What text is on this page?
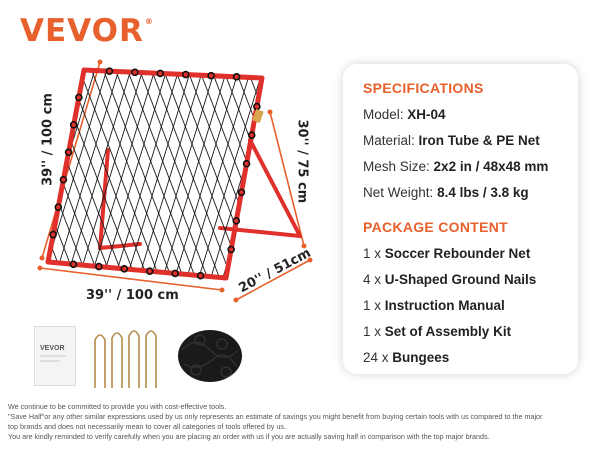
VEVOR®
39'' / 100 cm
39'' / 100 cm	20'' / 51cm
30'' / 75 cm
VEVOR
SPECIFICATIONS
Model: XH-04
Material: Iron Tube & PE Net
Mesh Size: 2x2 in / 48x48 mm
Net Weight: 8.4 lbs / 3.8 kg
PACKAGE CONTENT
1 x Soccer Rebounder Net
4 x U-Shaped Ground Nails
1 x Instruction Manual
1 x Set of Assembly Kit
24 x Bungees
We continue to be committed to provide you with cost-effective tools.
"Save Half"or any other similar expressions used by us only represents an estimate of savings you might benefit from buying certain tools with us compared to the major
top brands and does not necessarily mean to cover all categories of tools offered by us.
You are kindly reminded to verify carefully when you are placing an order with us if you are actually saving half in comparison with the top major brands.
